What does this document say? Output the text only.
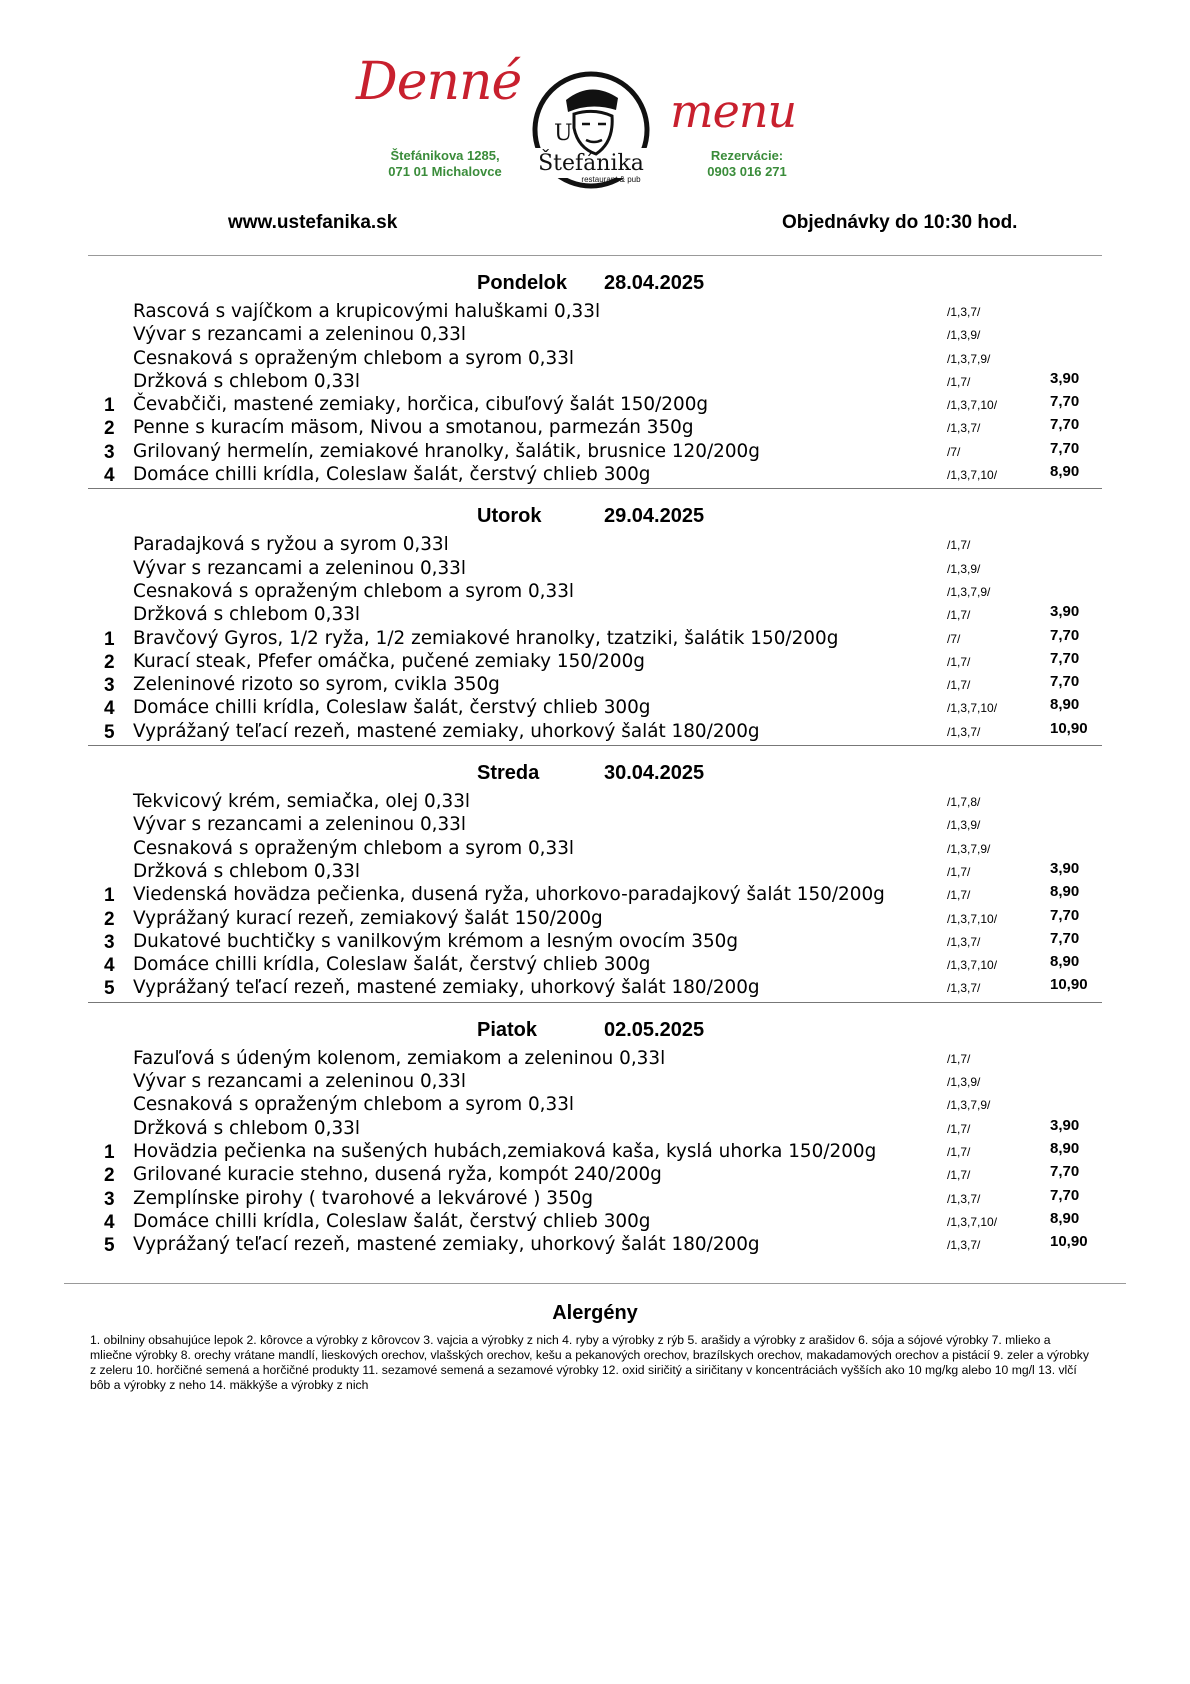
Denné	menu
Štefánikova 1285,
071 01 Michalovce
Rezervácie:
0903 016 271
U
Štefánika
restaurant & pub
www.ustefanika.sk	Objednávky do 10:30 hod.
Pondelok 28.04.2025
Rascová s vajíčkom a krupicovými haluškami 0,33l	/1,3,7/
Vývar s rezancami a zeleninou 0,33l	/1,3,9/
Cesnaková s opraženým chlebom a syrom 0,33l	/1,3,7,9/
Držková s chlebom 0,33l	/1,7/	3,90
1 Čevabčiči, mastené zemiaky, horčica, cibuľový šalát 150/200g	/1,3,7,10/	7,70
2 Penne s kuracím mäsom, Nivou a smotanou, parmezán 350g	/1,3,7/	7,70
3 Grilovaný hermelín, zemiakové hranolky, šalátik, brusnice 120/200g	/7/	7,70
4 Domáce chilli krídla, Coleslaw šalát, čerstvý chlieb 300g	/1,3,7,10/	8,90
Utorok	29.04.2025
Paradajková s ryžou a syrom 0,33l	/1,7/
Vývar s rezancami a zeleninou 0,33l	/1,3,9/
Cesnaková s opraženým chlebom a syrom 0,33l	/1,3,7,9/
Držková s chlebom 0,33l	/1,7/	3,90
1 Bravčový Gyros, 1/2 ryža, 1/2 zemiakové hranolky, tzatziki, šalátik 150/200g	/7/	7,70
2 Kurací steak, Pfefer omáčka, pučené zemiaky 150/200g	/1,7/	7,70
3 Zeleninové rizoto so syrom, cvikla 350g	/1,7/	7,70
4 Domáce chilli krídla, Coleslaw šalát, čerstvý chlieb 300g	/1,3,7,10/	8,90
5 Vyprážaný teľací rezeň, mastené zemiaky, uhorkový šalát 180/200g	/1,3,7/	10,90
Streda	30.04.2025
Tekvicový krém, semiačka, olej 0,33l	/1,7,8/
Vývar s rezancami a zeleninou 0,33l	/1,3,9/
Cesnaková s opraženým chlebom a syrom 0,33l	/1,3,7,9/
Držková s chlebom 0,33l	/1,7/	3,90
1 Viedenská hovädza pečienka, dusená ryža, uhorkovo-paradajkový šalát 150/200g	/1,7/	8,90
2 Vyprážaný kurací rezeň, zemiakový šalát 150/200g	/1,3,7,10/	7,70
3 Dukatové buchtičky s vanilkovým krémom a lesným ovocím 350g	/1,3,7/	7,70
4 Domáce chilli krídla, Coleslaw šalát, čerstvý chlieb 300g	/1,3,7,10/	8,90
5 Vyprážaný teľací rezeň, mastené zemiaky, uhorkový šalát 180/200g	/1,3,7/	10,90
Piatok	02.05.2025
Fazuľová s údeným kolenom, zemiakom a zeleninou 0,33l	/1,7/
Vývar s rezancami a zeleninou 0,33l	/1,3,9/
Cesnaková s opraženým chlebom a syrom 0,33l	/1,3,7,9/
Držková s chlebom 0,33l	/1,7/	3,90
1 Hovädzia pečienka na sušených hubách,zemiaková kaša, kyslá uhorka 150/200g	/1,7/	8,90
2 Grilované kuracie stehno, dusená ryža, kompót 240/200g	/1,7/	7,70
3 Zemplínske pirohy ( tvarohové a lekvárové ) 350g	/1,3,7/	7,70
4 Domáce chilli krídla, Coleslaw šalát, čerstvý chlieb 300g	/1,3,7,10/	8,90
5 Vyprážaný teľací rezeň, mastené zemiaky, uhorkový šalát 180/200g	/1,3,7/	10,90
Alergény
1. obilniny obsahujúce lepok 2. kôrovce a výrobky z kôrovcov 3. vajcia a výrobky z nich 4. ryby a výrobky z rýb 5. arašidy a výrobky z arašidov 6. sója a sójové výrobky 7. mlieko a mliečne výrobky 8. orechy vrátane mandlí, lieskových orechov, vlašských orechov, kešu a pekanových orechov, brazílskych orechov, makadamových orechov a pistácií 9. zeler a výrobky z zeleru 10. horčičné semená a horčičné produkty 11. sezamové semená a sezamové výrobky 12. oxid siričitý a siričitany v koncentráciách vyšších ako 10 mg/kg alebo 10 mg/l 13. vlčí bôb a výrobky z neho 14. mäkkýše a výrobky z nich
